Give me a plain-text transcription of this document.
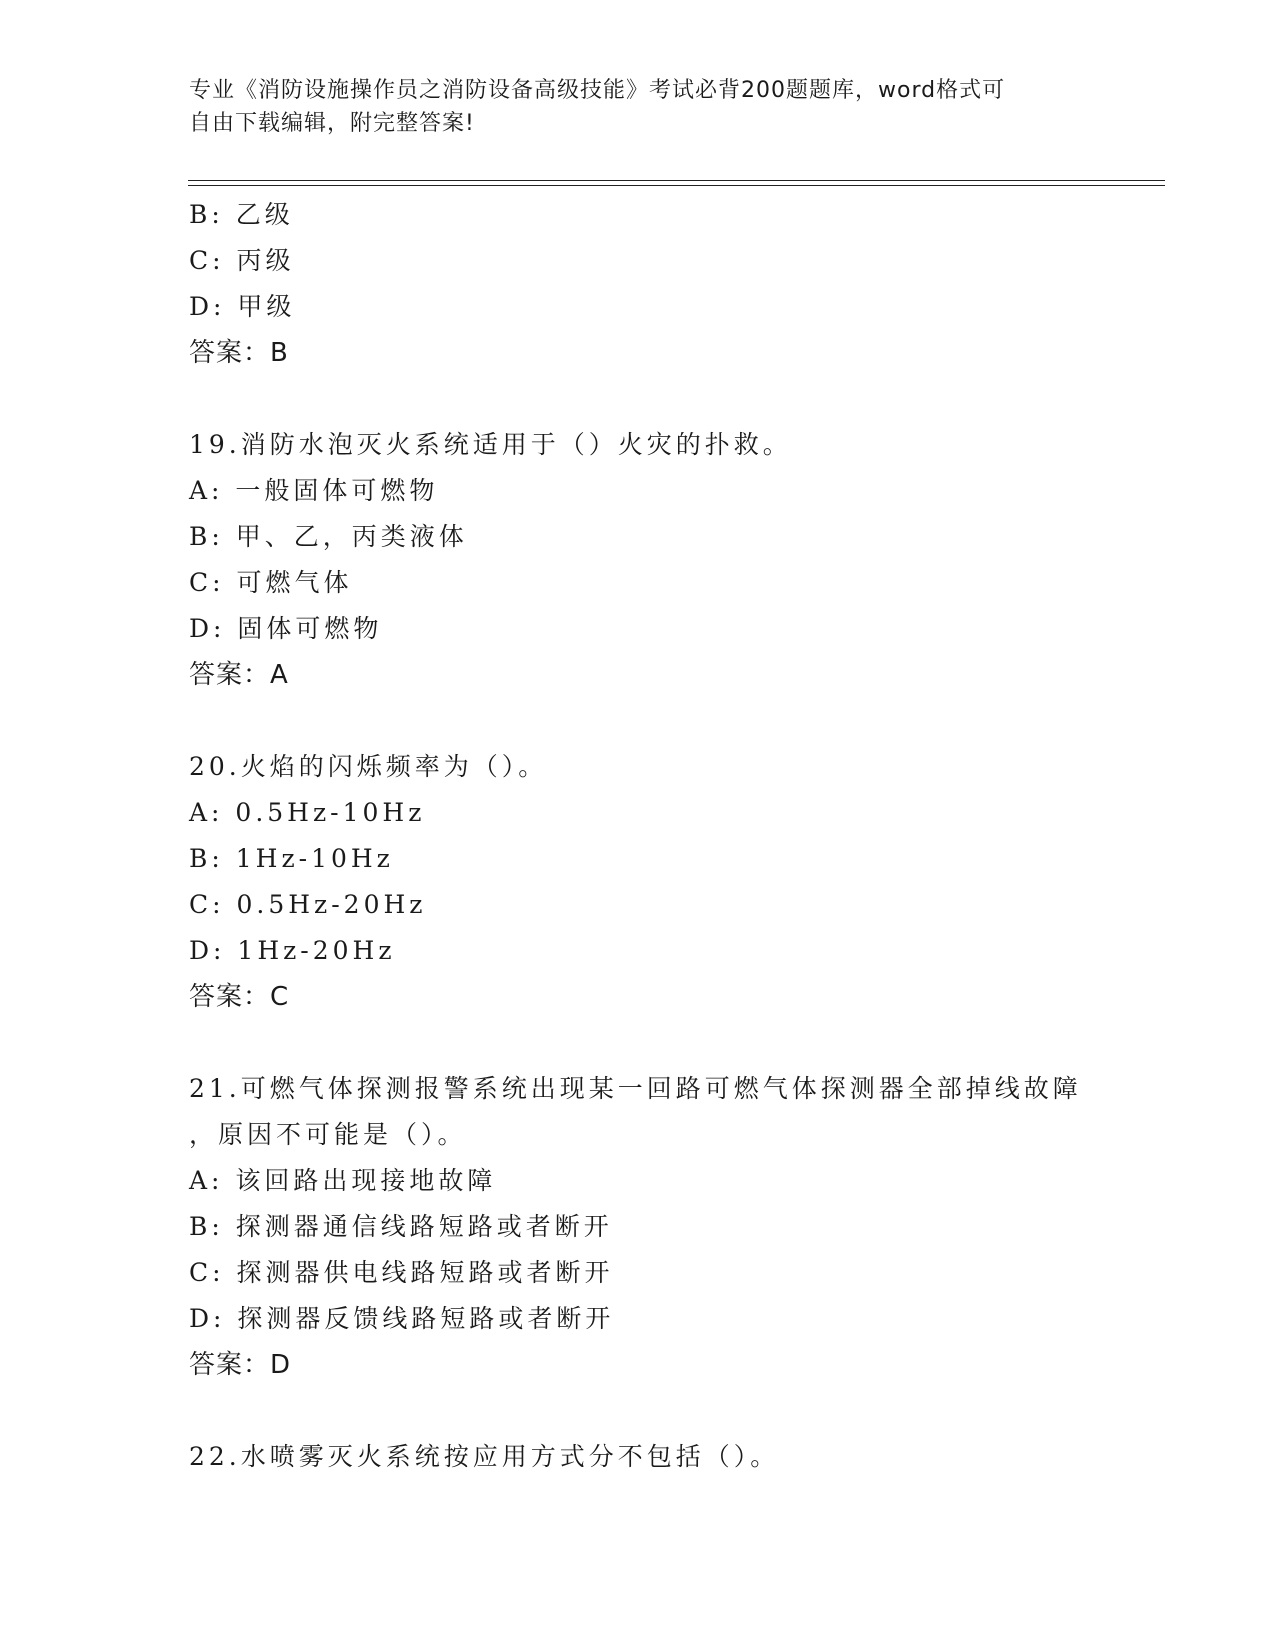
专业《消防设施操作员之消防设备高级技能》考试必背200题题库，word格式可
自由下载编辑，附完整答案!
B: 乙级
C: 丙级
D: 甲级
答案：B
19.消防水泡灭火系统适用于（）火灾的扑救。
A: 一般固体可燃物
B: 甲、乙，丙类液体
C: 可燃气体
D: 固体可燃物
答案：A
20.火焰的闪烁频率为（）。
A: 0.5Hz-10Hz
B: 1Hz-10Hz
C: 0.5Hz-20Hz
D: 1Hz-20Hz
答案：C
21.可燃气体探测报警系统出现某一回路可燃气体探测器全部掉线故障
，原因不可能是（）。
A: 该回路出现接地故障
B: 探测器通信线路短路或者断开
C: 探测器供电线路短路或者断开
D: 探测器反馈线路短路或者断开
答案：D
22.水喷雾灭火系统按应用方式分不包括（）。
